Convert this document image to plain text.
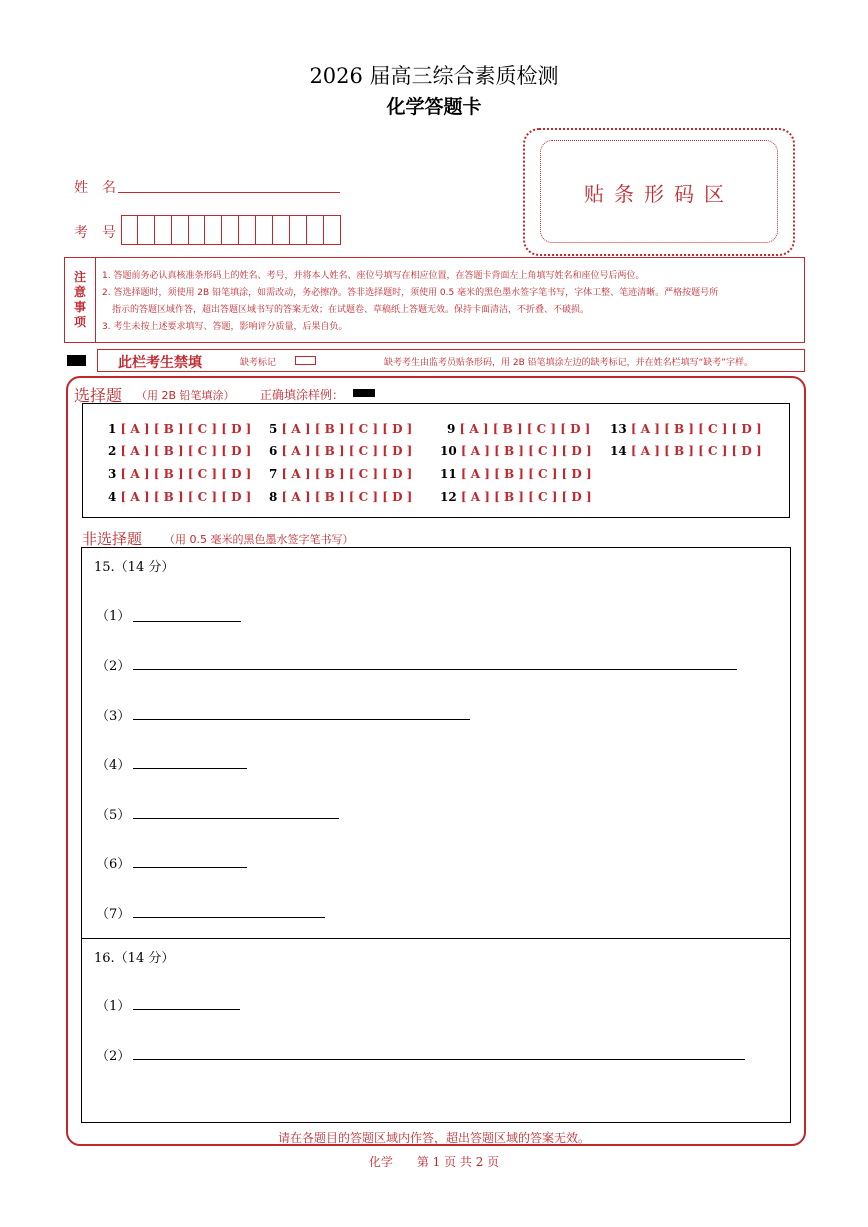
2026 届高三综合素质检测
化学答题卡
贴条形码区
姓名
考号
注
意
事
项
1. 答题前务必认真核准条形码上的姓名、考号，并将本人姓名、座位号填写在相应位置，在答题卡背面左上角填写姓名和座位号后两位。
2. 答选择题时，须使用 2B 铅笔填涂，如需改动，务必擦净。答非选择题时，须使用 0.5 毫米的黑色墨水签字笔书写，字体工整、笔迹清晰。严格按题号所
指示的答题区域作答，超出答题区域书写的答案无效；在试题卷、草稿纸上答题无效。保持卡面清洁，不折叠、不破损。
3. 考生未按上述要求填写、答题，影响评分质量，后果自负。
此栏考生禁填	缺考标记	缺考考生由监考员贴条形码，用 2B 铅笔填涂左边的缺考标记，并在姓名栏填写“缺考”字样。
选择题 （用 2B 铅笔填涂） 正确填涂样例：
1 [ A ] [ B ] [ C ] [ D ]
2 [ A ] [ B ] [ C ] [ D ]
3 [ A ] [ B ] [ C ] [ D ]
4 [ A ] [ B ] [ C ] [ D ]
5 [ A ] [ B ] [ C ] [ D ]
6 [ A ] [ B ] [ C ] [ D ]
7 [ A ] [ B ] [ C ] [ D ]
8 [ A ] [ B ] [ C ] [ D ]
9 [ A ] [ B ] [ C ] [ D ]
10 [ A ] [ B ] [ C ] [ D ]
11 [ A ] [ B ] [ C ] [ D ]
12 [ A ] [ B ] [ C ] [ D ]
13 [ A ] [ B ] [ C ] [ D ]
14 [ A ] [ B ] [ C ] [ D ]
非选择题 （用 0.5 毫米的黑色墨水签字笔书写）
15.（14 分）
（1）
（2）
（3）
（4）
（5）
（6）
（7）
16.（14 分）
（1）
（2）
请在各题目的答题区域内作答，超出答题区域的答案无效。
化学　　第 1 页 共 2 页
